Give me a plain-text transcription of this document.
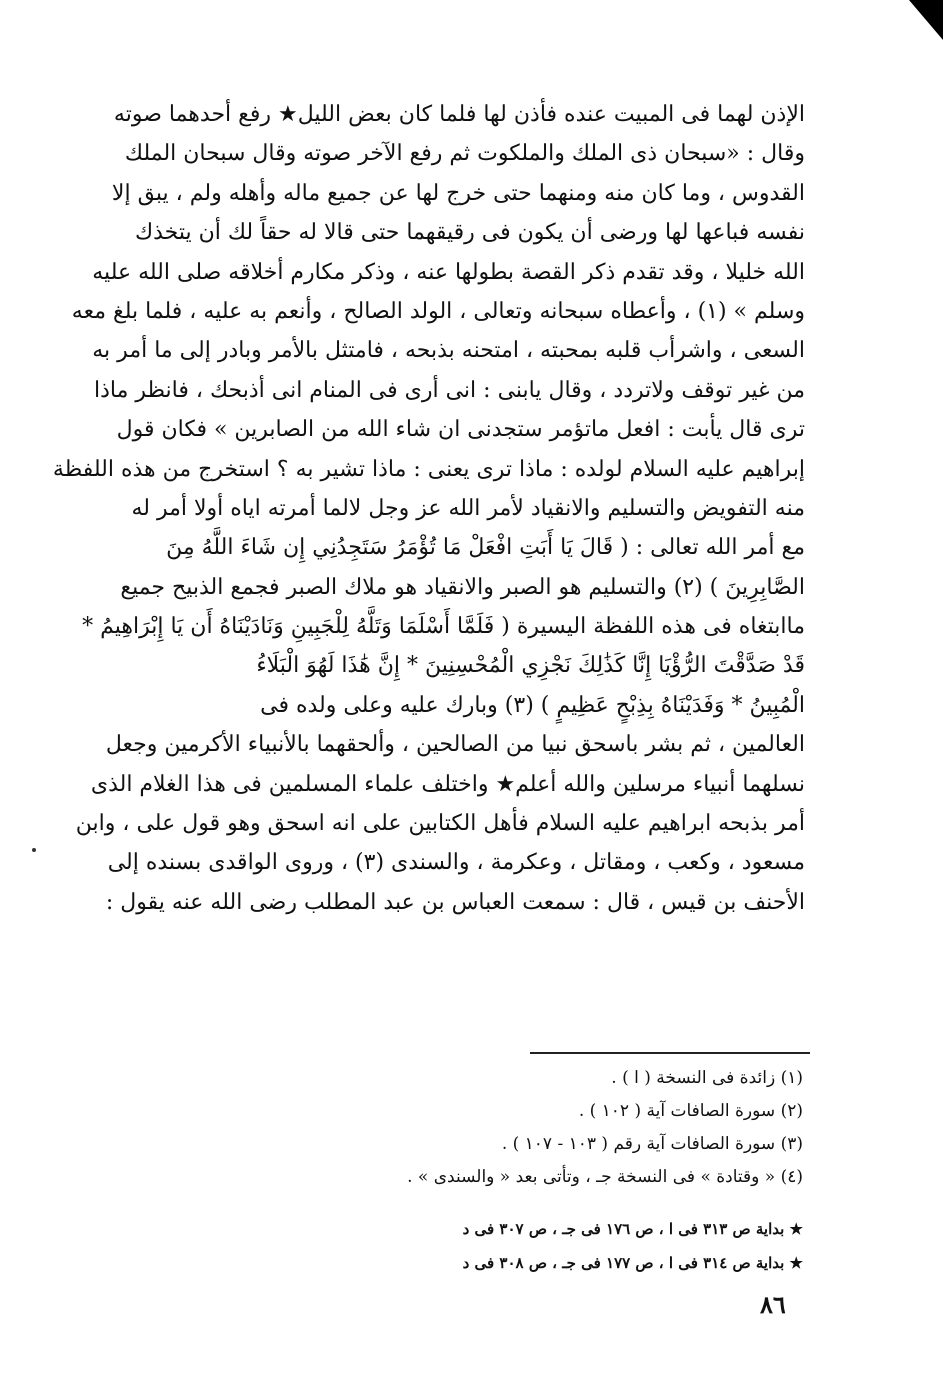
الإذن لهما فى المبيت عنده فأذن لها فلما كان بعض الليل★ رفع أحدهما صوته
وقال : «سبحان ذى الملك والملكوت ثم رفع الآخر صوته وقال سبحان الملك
القدوس ، وما كان منه ومنهما حتى خرج لها عن جميع ماله وأهله ولم ، يبق إلا
نفسه فباعها لها ورضى أن يكون فى رقيقهما حتى قالا له حقاً لك أن يتخذك
الله خليلا ، وقد تقدم ذكر القصة بطولها عنه ، وذكر مكارم أخلاقه صلى الله عليه
وسلم » (١) ، وأعطاه سبحانه وتعالى ، الولد الصالح ، وأنعم به عليه ، فلما بلغ معه
السعى ، واشرأب قلبه بمحبته ، امتحنه بذبحه ، فامتثل بالأمر وبادر إلى ما أمر به
من غير توقف ولاتردد ، وقال يابنى : انى أرى فى المنام انى أذبحك ، فانظر ماذا
ترى قال يأبت : افعل ماتؤمر ستجدنى ان شاء الله من الصابرين » فكان قول
إبراهيم عليه السلام لولده : ماذا ترى يعنى : ماذا تشير به ؟ استخرج من هذه اللفظة
منه التفويض والتسليم والانقياد لأمر الله عز وجل لالما أمرته اياه أولا أمر له
مع أمر الله تعالى : ( قَالَ يَا أَبَتِ افْعَلْ مَا تُؤْمَرُ سَتَجِدُنِي إِن شَاءَ اللَّهُ مِنَ
الصَّابِرِينَ ) (٢) والتسليم هو الصبر والانقياد هو ملاك الصبر فجمع الذبيح جميع
ماابتغاه فى هذه اللفظة اليسيرة ( فَلَمَّا أَسْلَمَا وَتَلَّهُ لِلْجَبِينِ وَنَادَيْنَاهُ أَن يَا إِبْرَاهِيمُ *
قَدْ صَدَّقْتَ الرُّؤْيَا إِنَّا كَذَٰلِكَ نَجْزِي الْمُحْسِنِينَ * إِنَّ هَٰذَا لَهُوَ الْبَلَاءُ
الْمُبِينُ * وَفَدَيْنَاهُ بِذِبْحٍ عَظِيمٍ ) (٣) وبارك عليه وعلى ولده فى
العالمين ، ثم بشر باسحق نبيا من الصالحين ، وألحقهما بالأنبياء الأكرمين وجعل
نسلهما أنبياء مرسلين والله أعلم★ واختلف علماء المسلمين فى هذا الغلام الذى
أمر بذبحه ابراهيم عليه السلام فأهل الكتابين على انه اسحق وهو قول على ، وابن
مسعود ، وكعب ، ومقاتل ، وعكرمة ، والسندى (٣) ، وروى الواقدى بسنده إلى
الأحنف بن قيس ، قال : سمعت العباس بن عبد المطلب رضى الله عنه يقول :
(١) زائدة فى النسخة ( ا ) .
(٢) سورة الصافات آية ( ١٠٢ ) .
(٣) سورة الصافات آية رقم ( ١٠٣ - ١٠٧ ) .
(٤) « وقتادة » فى النسخة جـ ، وتأتى بعد « والسندى » .
★ بداية ص ٣١٣ فى ا ، ص ١٧٦ فى جـ ، ص ٣٠٧ فى د
★ بداية ص ٣١٤ فى ا ، ص ١٧٧ فى جـ ، ص ٣٠٨ فى د
٨٦
